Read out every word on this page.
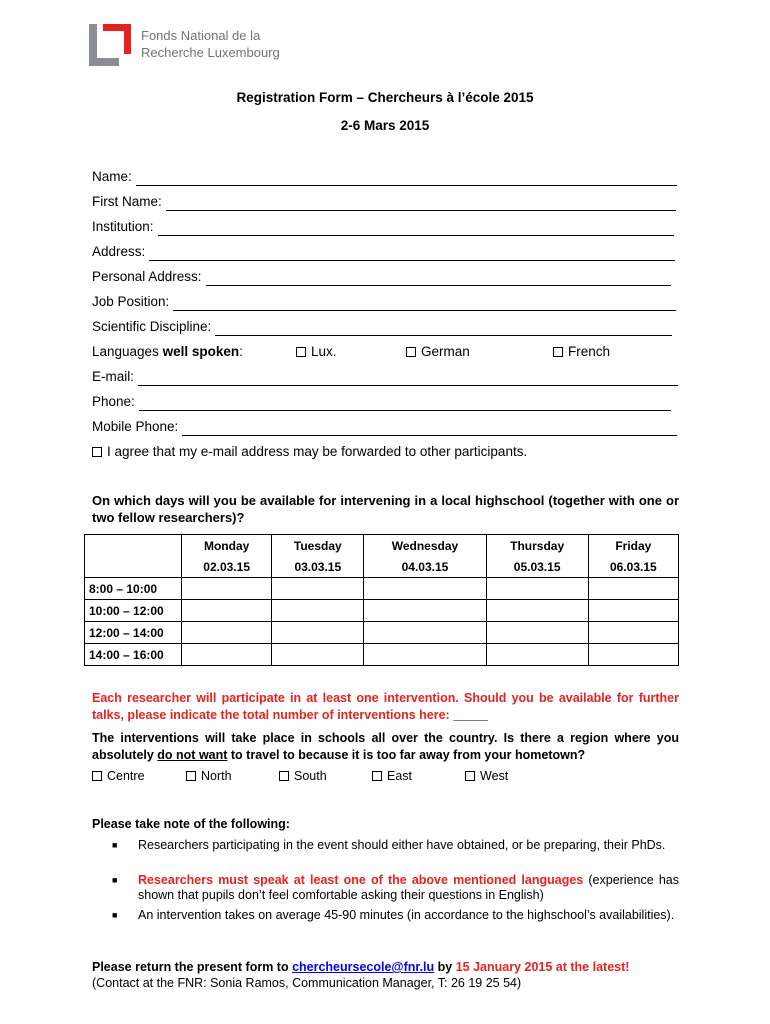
Fonds National de la
Recherche Luxembourg
Registration Form – Chercheurs à l’école 2015
2-6 Mars 2015
Name:
First Name:
Institution:
Address:
Personal Address:
Job Position:
Scientific Discipline:
Languages well spoken:	Lux.	German	French
E-mail:
Phone:
Mobile Phone:
I agree that my e-mail address may be forwarded to other participants.
On which days will you be available for intervening in a local highschool (together with one or two fellow researchers)?
	Monday	Tuesday	Wednesday	Thursday	Friday
	02.03.15	03.03.15	04.03.15	05.03.15	06.03.15
8:00 – 10:00					
10:00 – 12:00					
12:00 – 14:00					
14:00 – 16:00					
Each researcher will participate in at least one intervention. Should you be available for further talks, please indicate the total number of interventions here: _____
The interventions will take place in schools all over the country. Is there a region where you absolutely do not want to travel to because it is too far away from your hometown?
Centre	North	South	East	West
Please take note of the following:
■	Researchers participating in the event should either have obtained, or be preparing, their PhDs.
■	Researchers must speak at least one of the above mentioned languages (experience has shown that pupils don’t feel comfortable asking their questions in English)
■	An intervention takes on average 45-90 minutes (in accordance to the highschool’s availabilities).
Please return the present form to chercheursecole@fnr.lu by 15 January 2015 at the latest!
(Contact at the FNR: Sonia Ramos, Communication Manager, T: 26 19 25 54)
